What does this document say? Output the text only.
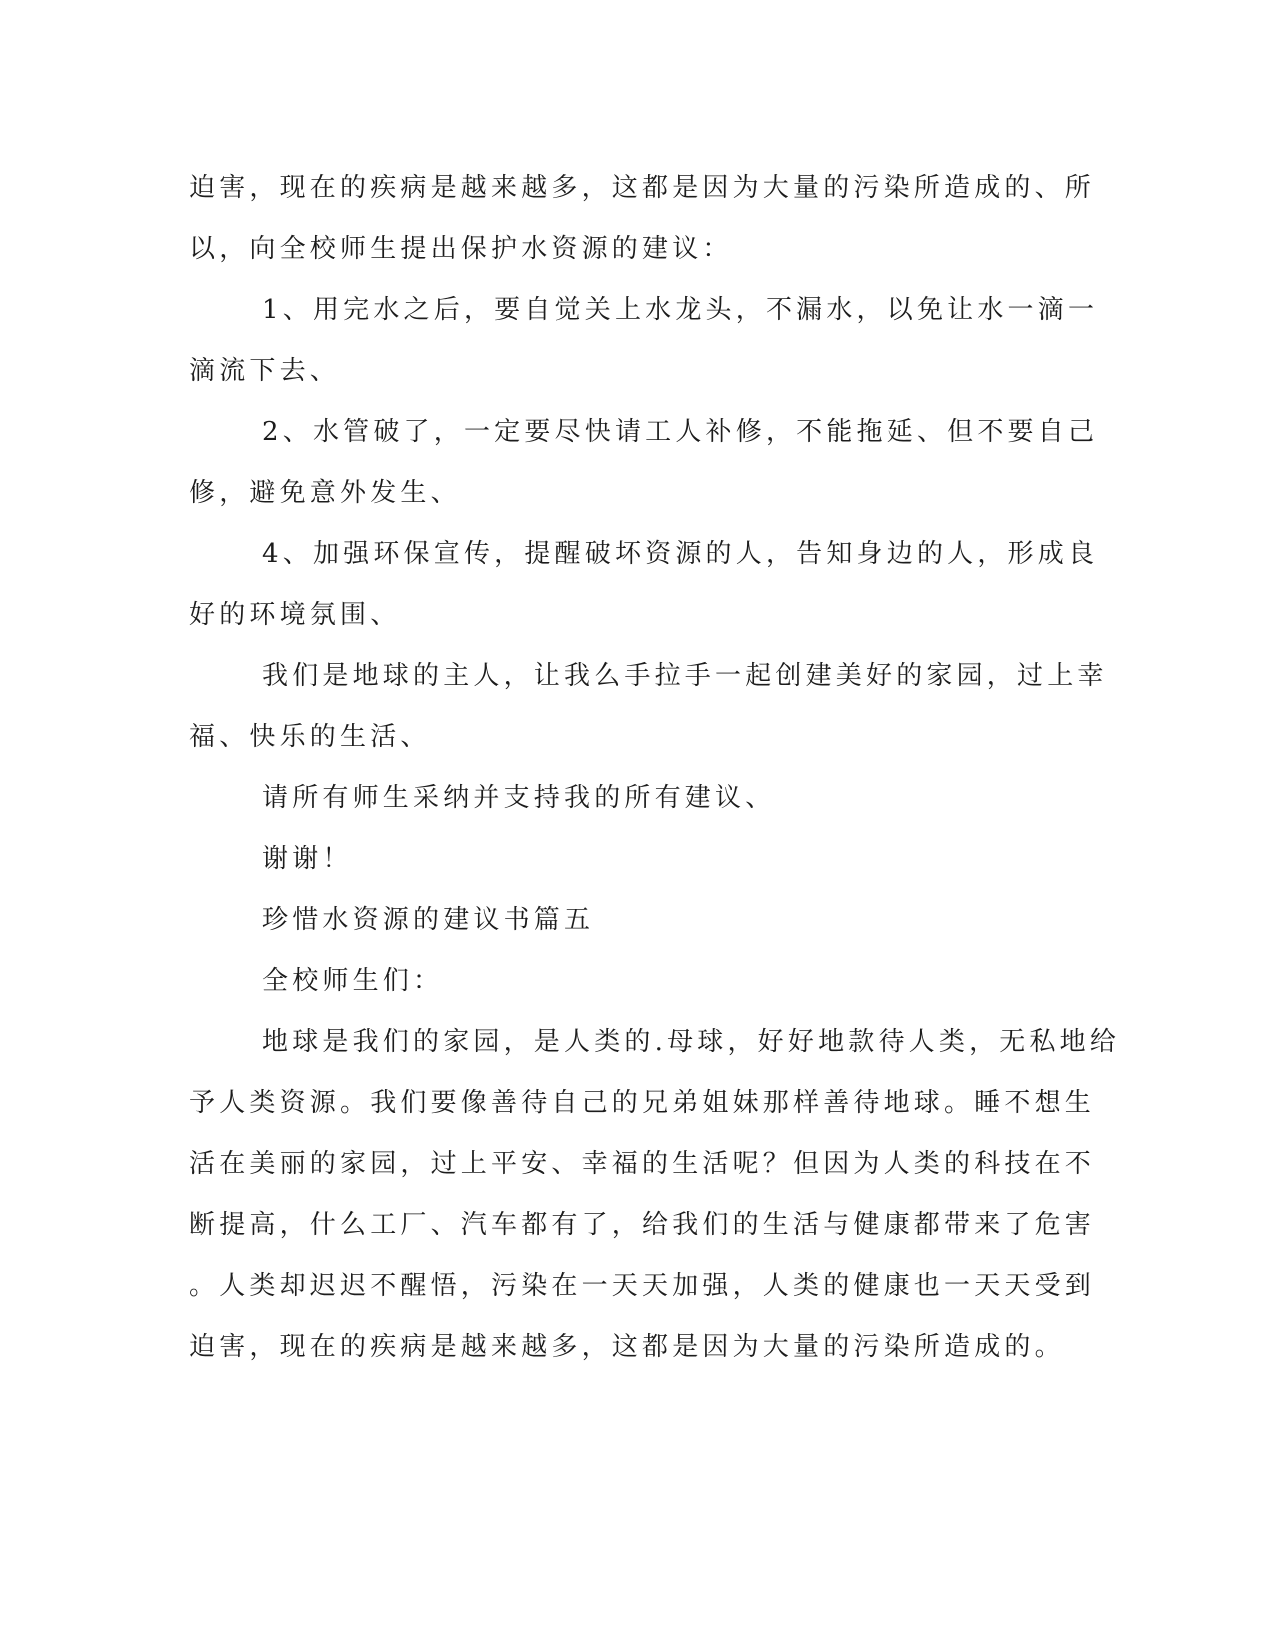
迫害，现在的疾病是越来越多，这都是因为大量的污染所造成的、所
以，向全校师生提出保护水资源的建议：
1、用完水之后，要自觉关上水龙头，不漏水，以免让水一滴一
滴流下去、
2、水管破了，一定要尽快请工人补修，不能拖延、但不要自己
修，避免意外发生、
4、加强环保宣传，提醒破坏资源的人，告知身边的人，形成良
好的环境氛围、
我们是地球的主人，让我么手拉手一起创建美好的家园，过上幸
福、快乐的生活、
请所有师生采纳并支持我的所有建议、
谢谢！
珍惜水资源的建议书篇五
全校师生们：
地球是我们的家园，是人类的.母球，好好地款待人类，无私地给
予人类资源。我们要像善待自己的兄弟姐妹那样善待地球。睡不想生
活在美丽的家园，过上平安、幸福的生活呢？但因为人类的科技在不
断提高，什么工厂、汽车都有了，给我们的生活与健康都带来了危害
。人类却迟迟不醒悟，污染在一天天加强，人类的健康也一天天受到
迫害，现在的疾病是越来越多，这都是因为大量的污染所造成的。
